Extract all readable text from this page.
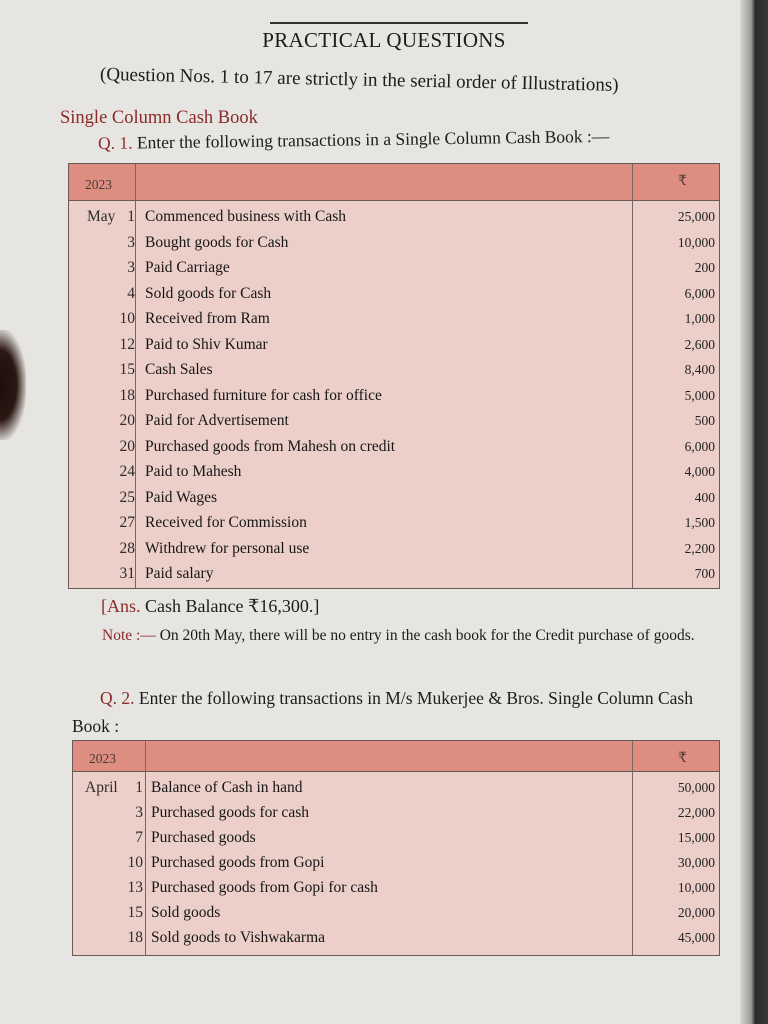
PRACTICAL QUESTIONS
(Question Nos. 1 to 17 are strictly in the serial order of Illustrations)
Single Column Cash Book
Q. 1. Enter the following transactions in a Single Column Cash Book :—
2023	₹
May 1 Commenced business with Cash	25,000
3 Bought goods for Cash	10,000
3 Paid Carriage	200
4 Sold goods for Cash	6,000
10 Received from Ram	1,000
12 Paid to Shiv Kumar	2,600
15 Cash Sales	8,400
18 Purchased furniture for cash for office	5,000
20 Paid for Advertisement	500
20 Purchased goods from Mahesh on credit	6,000
24 Paid to Mahesh	4,000
25 Paid Wages	400
27 Received for Commission	1,500
28 Withdrew for personal use	2,200
31 Paid salary	700
[Ans. Cash Balance ₹16,300.]
Note :— On 20th May, there will be no entry in the cash book for the Credit purchase of goods.
Q. 2. Enter the following transactions in M/s Mukerjee & Bros. Single Column Cash Book :
2023	₹
April	1 Balance of Cash in hand	50,000
3 Purchased goods for cash	22,000
7 Purchased goods	15,000
10 Purchased goods from Gopi	30,000
13 Purchased goods from Gopi for cash	10,000
15 Sold goods	20,000
18 Sold goods to Vishwakarma	45,000
